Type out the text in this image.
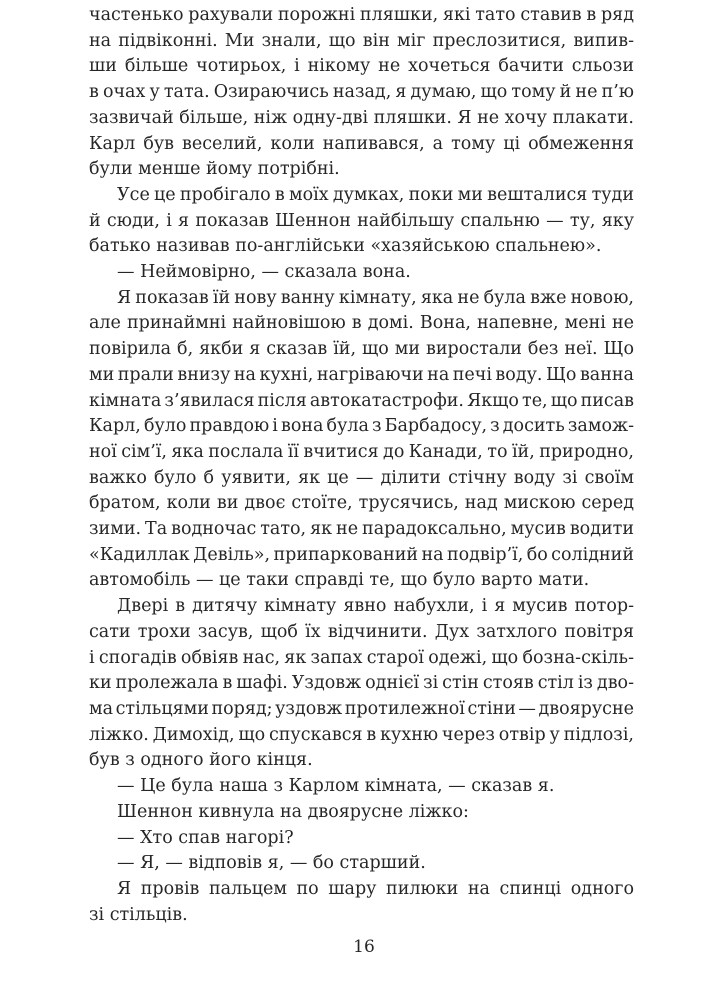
частенько рахували порожні пляшки, які тато ставив в ряд
на підвіконні. Ми знали, що він міг преслозитися, випив-
ши більше чотирьох, і нікому не хочеться бачити сльози
в очах у тата. Озираючись назад, я думаю, що тому й не п’ю
зазвичай більше, ніж одну-дві пляшки. Я не хочу плакати.
Карл був веселий, коли напивався, а тому ці обмеження
були менше йому потрібні.
Усе це пробігало в моїх думках, поки ми вешталися туди
й сюди, і я показав Шеннон найбільшу спальню — ту, яку
батько називав по-англійськи «хазяйською спальнею».
— Неймовірно, — сказала вона.
Я показав їй нову ванну кімнату, яка не була вже новою,
але принаймні найновішою в домі. Вона, напевне, мені не
повірила б, якби я сказав їй, що ми виростали без неї. Що
ми прали внизу на кухні, нагріваючи на печі воду. Що ванна
кімната з’явилася після автокатастрофи. Якщо те, що писав
Карл, було правдою і вона була з Барбадосу, з досить замож-
ної сім’ї, яка послала її вчитися до Канади, то їй, природно,
важко було б уявити, як це — ділити стічну воду зі своїм
братом, коли ви двоє стоїте, трусячись, над мискою серед
зими. Та водночас тато, як не парадоксально, мусив водити
«Кадиллак Девіль», припаркований на подвір’ї, бо солідний
автомобіль — це таки справді те, що було варто мати.
Двері в дитячу кімнату явно набухли, і я мусив потор-
сати трохи засув, щоб їх відчинити. Дух затхлого повітря
і спогадів обвіяв нас, як запах старої одежі, що бозна-скіль-
ки пролежала в шафі. Уздовж однієї зі стін стояв стіл із дво-
ма стільцями поряд; уздовж протилежної стіни — двоярусне
ліжко. Димохід, що спускався в кухню через отвір у підлозі,
був з одного його кінця.
— Це була наша з Карлом кімната, — сказав я.
Шеннон кивнула на двоярусне ліжко:
— Хто спав нагорі?
— Я, — відповів я, — бо старший.
Я провів пальцем по шару пилюки на спинці одного
зі стільців.
16
